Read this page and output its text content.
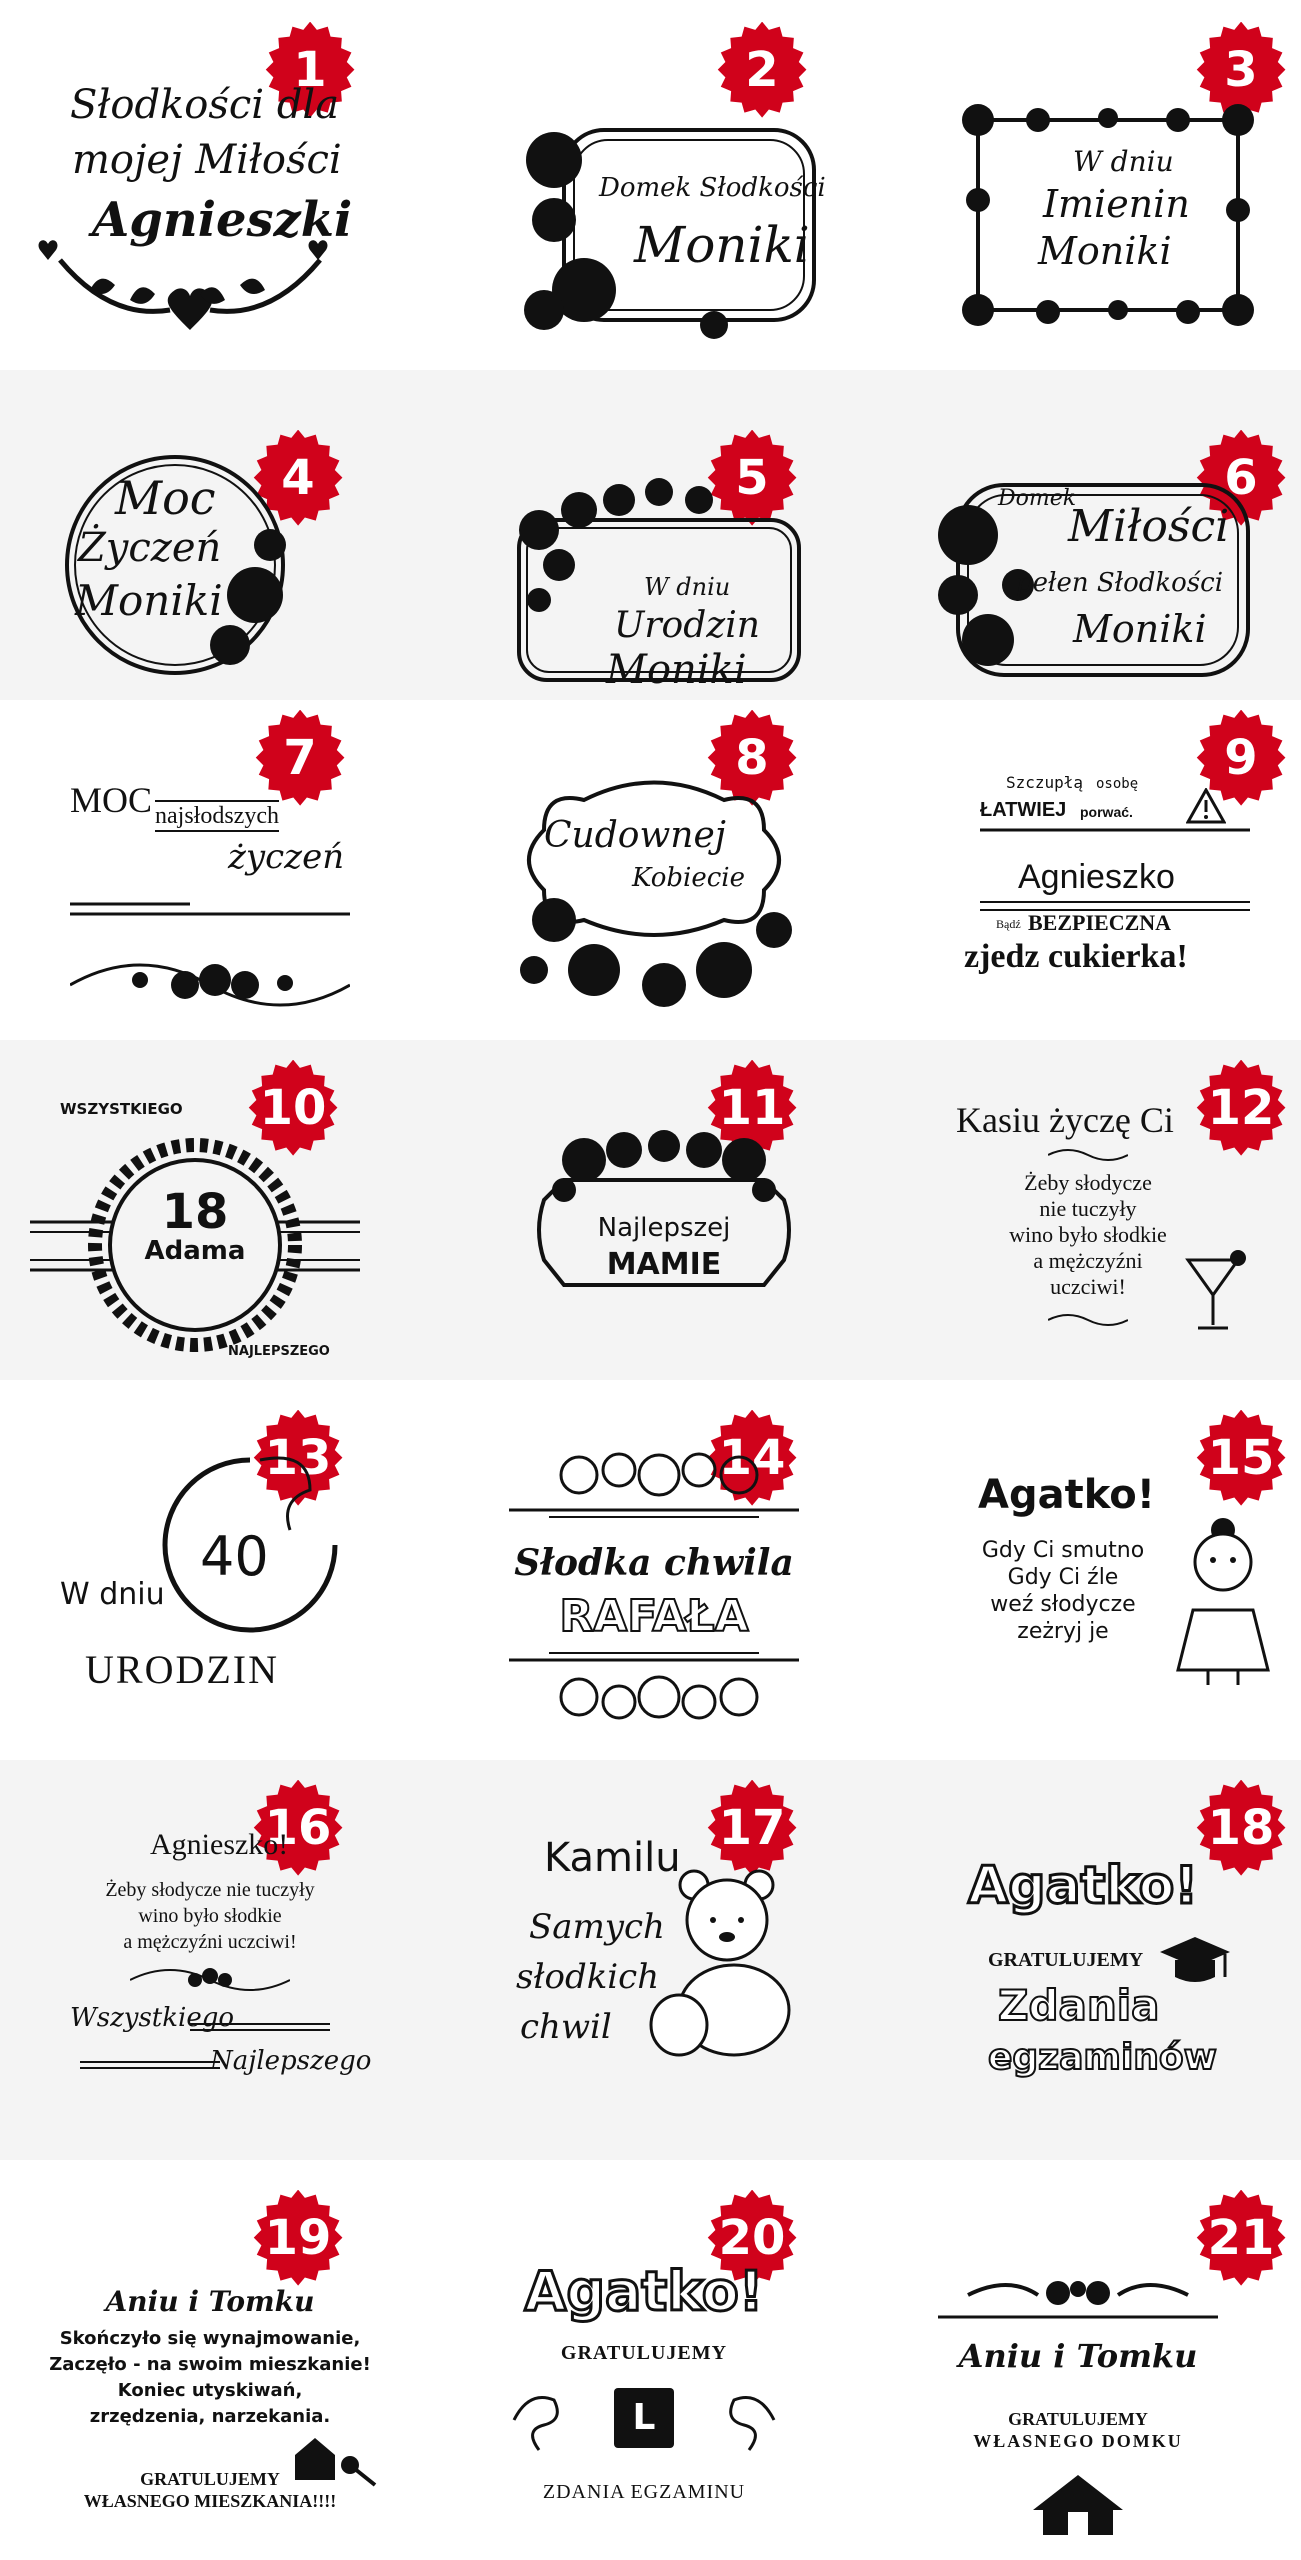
1
Słodkości dla
mojej Miłości
Agnieszki
2
Domek Słodkości
Moniki
3
W dniu
Imienin
Moniki
4
Moc
Życzeń
Moniki
5
W dniu
Urodzin
Moniki
6
Domek
Miłości
pełen Słodkości
Moniki
7
MOC najsłodszych
życzeń
8
Cudownej
Kobiecie
9
Szczupłą osobę
ŁATWIEJ porwać.
Agnieszko
Bądź BEZPIECZNA
zjedz cukierka!
10
WSZYSTKIEGO
18
Adama
NAJLEPSZEGO
11
Najlepszej
MAMIE
12
Kasiu życzę Ci
Żeby słodycze
nie tuczyły
wino było słodkie
a mężczyźni
uczciwi!
13
40
W dniu
URODZIN
14
Słodka chwila
RAFAŁA
15
Agatko!
Gdy Ci smutno
Gdy Ci źle
weź słodycze
zeżryj je
16
Agnieszko!
Żeby słodycze nie tuczyły
wino było słodkie
a mężczyźni uczciwi!
Wszystkiego
Najlepszego
17
Kamilu
Samych
słodkich
chwil
18
Agatko!
GRATULUJEMY
Zdania
egzaminów
19
Aniu i Tomku
Skończyło się wynajmowanie,
Zaczęło - na swoim mieszkanie!
Koniec utyskiwań,
zrzędzenia, narzekania.
GRATULUJEMY
WŁASNEGO MIESZKANIA!!!!
20
Agatko!
GRATULUJEMY
L
ZDANIA EGZAMINU
21
Aniu i Tomku
GRATULUJEMY
WŁASNEGO DOMKU
